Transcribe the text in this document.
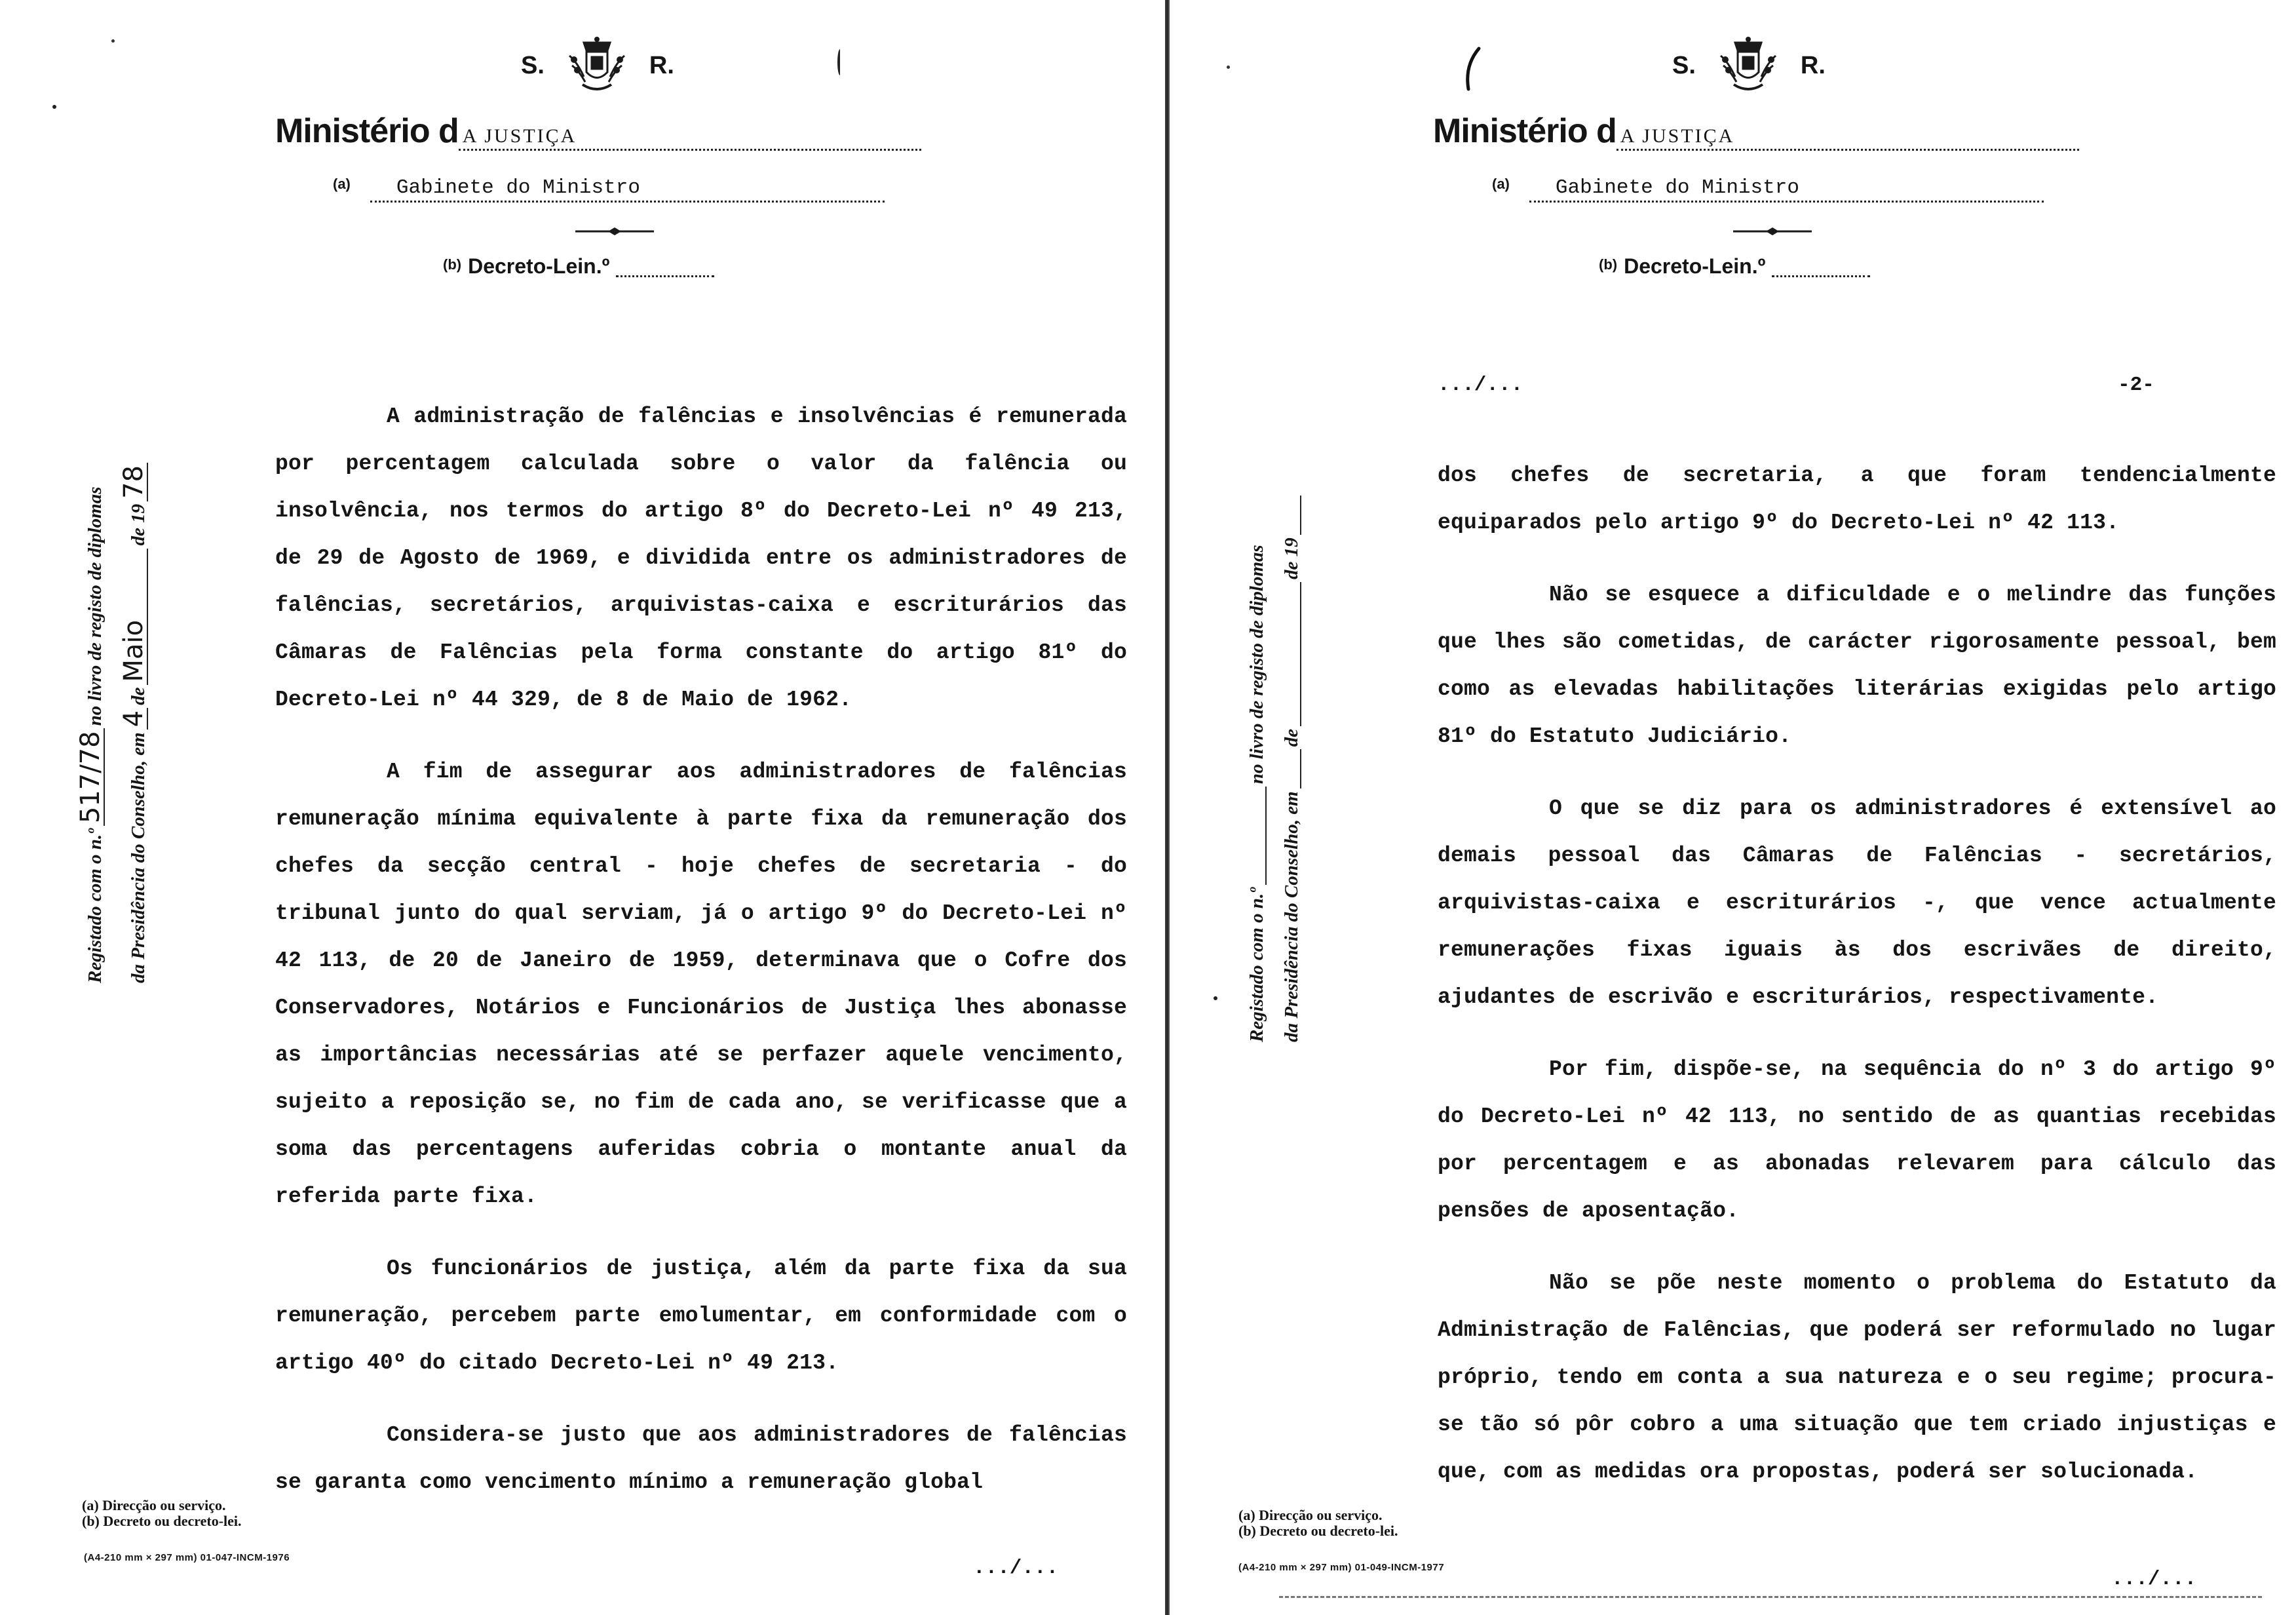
S.	R.
Ministério d A JUSTIÇA
(a) Gabinete do Ministro
(b) Decreto-Lein.º
Registado com o n.º
517/78
no livro de registo de diplomas
da Presidência do Conselho, em
4
de
Maio
de 19
78

A administração de falências e insolvências é remunerada por percentagem calculada sobre o valor da falência ou insolvência, nos termos do artigo 8º do Decreto-Lei nº 49 213, de 29 de Agosto de 1969, e dividida entre os administradores de falências, secretários, arquivistas-caixa e escriturários das Câmaras de Falências pela forma constante do artigo 81º do Decreto-Lei nº 44 329, de 8 de Maio de 1962.

A fim de assegurar aos administradores de falências remuneração mínima equivalente à parte fixa da remuneração dos chefes da secção central - hoje chefes de secretaria - do tribunal junto do qual serviam, já o artigo 9º do Decreto-Lei nº 42 113, de 20 de Janeiro de 1959, determinava que o Cofre dos Conservadores, Notários e Funcionários de Justiça lhes abonasse as importâncias necessárias até se perfazer aquele vencimento, sujeito a reposição se, no fim de cada ano, se verificasse que a soma das percentagens auferidas cobria o montante anual da referida parte fixa.

Os funcionários de justiça, além da parte fixa da sua remuneração, percebem parte emolumentar, em conformidade com o artigo 40º do citado Decreto-Lei nº 49 213.

Considera-se justo que aos administradores de falências se garanta como vencimento mínimo a remuneração global

(a) Direcção ou serviço.
(b) Decreto ou decreto-lei.
(A4-210 mm × 297 mm) 01-047-INCM-1976	.../...
S.	R.
Ministério d A JUSTIÇA
(a) Gabinete do Ministro
(b) Decreto-Lein.º
Registado com o n.º
no livro de registo de diplomas
da Presidência do Conselho, em
de
de 19
.../...	-2-

dos chefes de secretaria, a que foram tendencialmente equiparados pelo artigo 9º do Decreto-Lei nº 42 113.

Não se esquece a dificuldade e o melindre das funções que lhes são cometidas, de carácter rigorosamente pessoal, bem como as elevadas habilitações literárias exigidas pelo artigo 81º do Estatuto Judiciário.

O que se diz para os administradores é extensível ao demais pessoal das Câmaras de Falências - secretários, arquivistas-caixa e escriturários -, que vence actualmente remunerações fixas iguais às dos escrivães de direito, ajudantes de escrivão e escriturários, respectivamente.

Por fim, dispõe-se, na sequência do nº 3 do artigo 9º do Decreto-Lei nº 42 113, no sentido de as quantias recebidas por percentagem e as abonadas relevarem para cálculo das pensões de aposentação.

Não se põe neste momento o problema do Estatuto da Administração de Falências, que poderá ser reformulado no lugar próprio, tendo em conta a sua natureza e o seu regime; procura-se tão só pôr cobro a uma situação que tem criado injustiças e que, com as medidas ora propostas, poderá ser solucionada.

(a) Direcção ou serviço.
(b) Decreto ou decreto-lei.
(A4-210 mm × 297 mm) 01-049-INCM-1977
.../...
